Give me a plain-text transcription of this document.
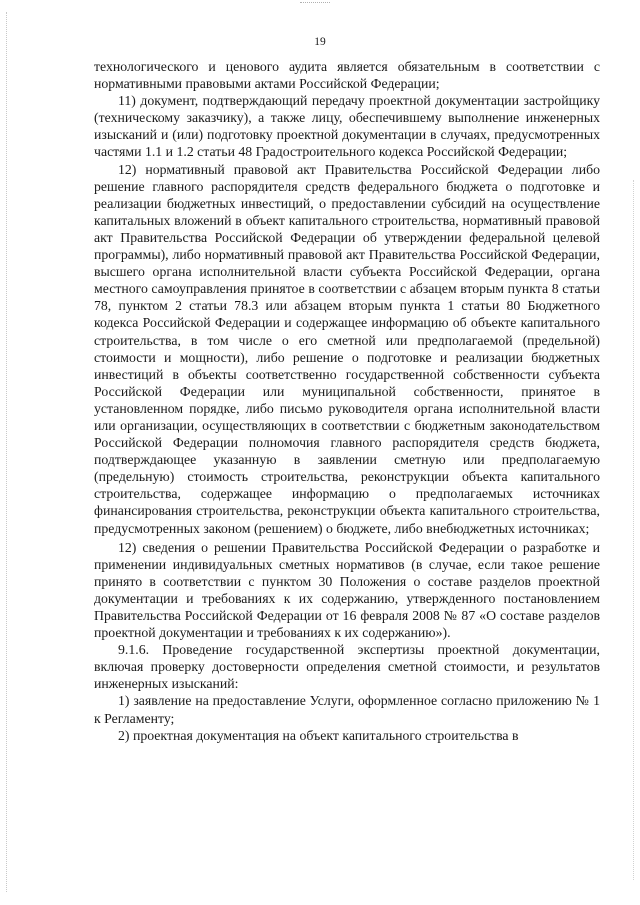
19

технологического и ценового аудита является обязательным в соответствии с нормативными правовыми актами Российской Федерации;

11) документ, подтверждающий передачу проектной документации застройщику (техническому заказчику), а также лицу, обеспечившему выполнение инженерных изысканий и (или) подготовку проектной документации в случаях, предусмотренных частями 1.1 и 1.2 статьи 48 Градостроительного кодекса Российской Федерации;

12) нормативный правовой акт Правительства Российской Федерации либо решение главного распорядителя средств федерального бюджета о подготовке и реализации бюджетных инвестиций, о предоставлении субсидий на осуществление капитальных вложений в объект капитального строительства, нормативный правовой акт Правительства Российской Федерации об утверждении федеральной целевой программы), либо нормативный правовой акт Правительства Российской Федерации, высшего органа исполнительной власти субъекта Российской Федерации, органа местного самоуправления принятое в соответствии с абзацем вторым пункта 8 статьи 78, пунктом 2 статьи 78.3 или абзацем вторым пункта 1 статьи 80 Бюджетного кодекса Российской Федерации и содержащее информацию об объекте капитального строительства, в том числе о его сметной или предполагаемой (предельной) стоимости и мощности), либо решение о подготовке и реализации бюджетных инвестиций в объекты соответственно государственной собственности субъекта Российской Федерации или муниципальной собственности, принятое в установленном порядке, либо письмо руководителя органа исполнительной власти или организации, осуществляющих в соответствии с бюджетным законодательством Российской Федерации полномочия главного распорядителя средств бюджета, подтверждающее указанную в заявлении сметную или предполагаемую (предельную) стоимость строительства, реконструкции объекта капитального строительства, содержащее информацию о предполагаемых источниках финансирования строительства, реконструкции объекта капитального строительства, предусмотренных законом (решением) о бюджете, либо внебюджетных источниках;

12) сведения о решении Правительства Российской Федерации о разработке и применении индивидуальных сметных нормативов (в случае, если такое решение принято в соответствии с пунктом 30 Положения о составе разделов проектной документации и требованиях к их содержанию, утвержденного постановлением Правительства Российской Федерации от 16 февраля 2008 № 87 «О составе разделов проектной документации и требованиях к их содержанию»).

9.1.6. Проведение государственной экспертизы проектной документации, включая проверку достоверности определения сметной стоимости, и результатов инженерных изысканий:

1) заявление на предоставление Услуги, оформленное согласно приложению № 1 к Регламенту;

2) проектная документация на объект капитального строительства в
